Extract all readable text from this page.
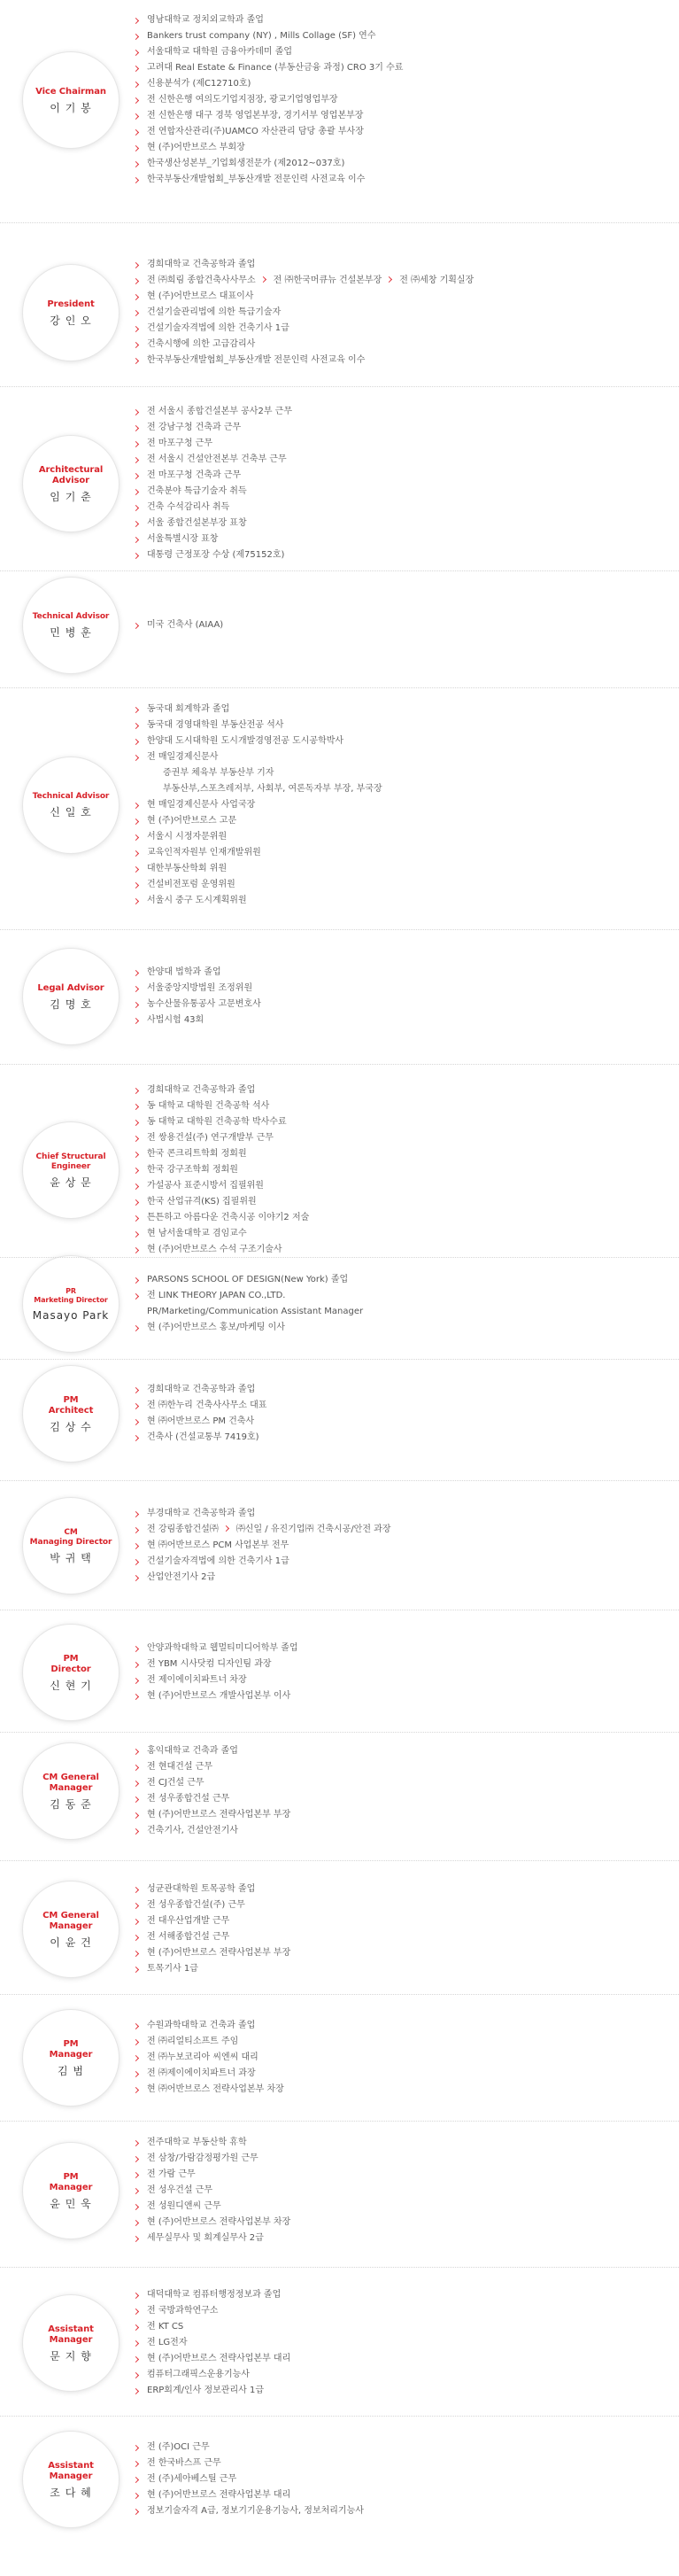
Vice Chairman
이 기 봉
영남대학교 정치외교학과 졸업
Bankers trust company (NY) , Mills Collage (SF) 연수
서울대학교 대학원 금융아카데미 졸업
고려대 Real Estate & Finance (부동산금융 과정) CRO 3기 수료
신용분석가 (제C12710호)
전 신한은행 여의도기업지점장, 광교기업영업부장
전 신한은행 대구 경북 영업본부장, 경기서부 영업본부장
전 연합자산관리(주)UAMCO 자산관리 담당 총괄 부사장
현 (주)어반브로스 부회장
한국생산성본부_기업회생전문가 (제2012~037호)
한국부동산개발협회_부동산개발 전문인력 사전교육 이수
President
강 인 오
경희대학교 건축공학과 졸업
전 ㈜희림 종합건축사사무소 전 ㈜한국머큐뉴 건설본부장 전 ㈜세창 기획실장
현 (주)어반브로스 대표이사
건설기술관리법에 의한 특급기술자
건설기술자격법에 의한 건축기사 1급
건축시행에 의한 고급감리사
한국부동산개발협회_부동산개발 전문인력 사전교육 이수
Architectural
Advisor
임 기 춘
전 서울시 종합건설본부 공사2부 근무
전 강남구청 건축과 근무
전 마포구청 근무
전 서울시 건설안전본부 건축부 근무
전 마포구청 건축과 근무
건축분야 특급기술자 취득
건축 수석감리사 취득
서울 종합건설본부장 표창
서울특별시장 표창
대통령 근정포장 수상 (제75152호)
Technical Advisor
민 병 훈
미국 건축사 (AIAA)
Technical Advisor
신 일 호
동국대 회계학과 졸업
동국대 경영대학원 부동산전공 석사
한양대 도시대학원 도시개발경영전공 도시공학박사
전 매일경제신문사
증권부 체육부 부동산부 기자
부동산부,스포츠레저부, 사회부, 여론독자부 부장, 부국장
현 매일경제신문사 사업국장
현 (주)어반브로스 고문
서울시 시정자문위원
교육인적자원부 인재개발위원
대한부동산학회 위원
건설비전포럼 운영위원
서울시 중구 도시계획위원
Legal Advisor
김 명 호
한양대 법학과 졸업
서울중앙지방법원 조정위원
농수산물유통공사 고문변호사
사법시험 43회
Chief Structural
Engineer
윤 상 문
경희대학교 건축공학과 졸업
동 대학교 대학원 건축공학 석사
동 대학교 대학원 건축공학 박사수료
전 쌍용건설(주) 연구개발부 근무
한국 콘크리트학회 정회원
한국 강구조학회 정회원
가설공사 표준시방서 집필위원
한국 산업규격(KS) 집필위원
튼튼하고 아름다운 건축시공 이야기2 저술
현 남서울대학교 겸임교수
현 (주)어반브로스 수석 구조기술사
PR
Marketing Director
Masayo Park
PARSONS SCHOOL OF DESIGN(New York) 졸업
전 LINK THEORY JAPAN CO.,LTD.
PR/Marketing/Communication Assistant Manager
현 (주)어반브로스 홍보/마케팅 이사
PM
Architect
김 상 수
경희대학교 건축공학과 졸업
전 ㈜한누리 건축사사무소 대표
현 ㈜어반브로스 PM 건축사
건축사 (건설교통부 7419호)
CM
Managing Director
박 귀 택
부경대학교 건축공학과 졸업
전 강림종합건설㈜ ㈜신일 / 유진기업㈜ 건축시공/안전 과장
현 ㈜어반브로스 PCM 사업본부 전무
건설기술자격법에 의한 건축기사 1급
산업안전기사 2급
PM
Director
신 현 기
안양과학대학교 웹멀티미디어학부 졸업
전 YBM 시사닷컴 디자인팀 과장
전 제이에이치파트너 차장
현 (주)어반브로스 개발사업본부 이사
CM General
Manager
김 동 준
홍익대학교 건축과 졸업
전 현대건설 근무
전 CJ건설 근무
전 성우종합건설 근무
현 (주)어반브로스 전략사업본부 부장
건축기사, 건설안전기사
CM General
Manager
이 윤 건
성균관대학원 토목공학 졸업
전 성우종합건설(주) 근무
전 대우산업개발 근무
전 서해종합건설 근무
현 (주)어반브로스 전략사업본부 부장
토목기사 1급
PM
Manager
김 범
수원과학대학교 건축과 졸업
전 ㈜리얼티소프트 주임
전 ㈜누보코리아 씨엔씨 대리
전 ㈜제이에이치파트너 과장
현 ㈜어반브로스 전략사업본부 차장
PM
Manager
윤 민 욱
전주대학교 부동산학 휴학
전 삼창/가람감정평가원 근무
전 가람 근무
전 성우건설 근무
전 성원디앤씨 근무
현 (주)어반브로스 전략사업본부 차장
세무실무사 및 회계실무사 2급
Assistant
Manager
문 지 향
대덕대학교 컴퓨터행정정보과 졸업
전 국방과학연구소
전 KT CS
전 LG전자
현 (주)어반브로스 전략사업본부 대리
컴퓨터그래픽스운용기능사
ERP회계/인사 정보관리사 1급
Assistant
Manager
조 다 혜
전 (주)OCI 근무
전 한국바스프 근무
전 (주)세아베스틸 근무
현 (주)어반브로스 전략사업본부 대리
정보기술자격 A급, 정보기기운용기능사, 정보처리기능사
